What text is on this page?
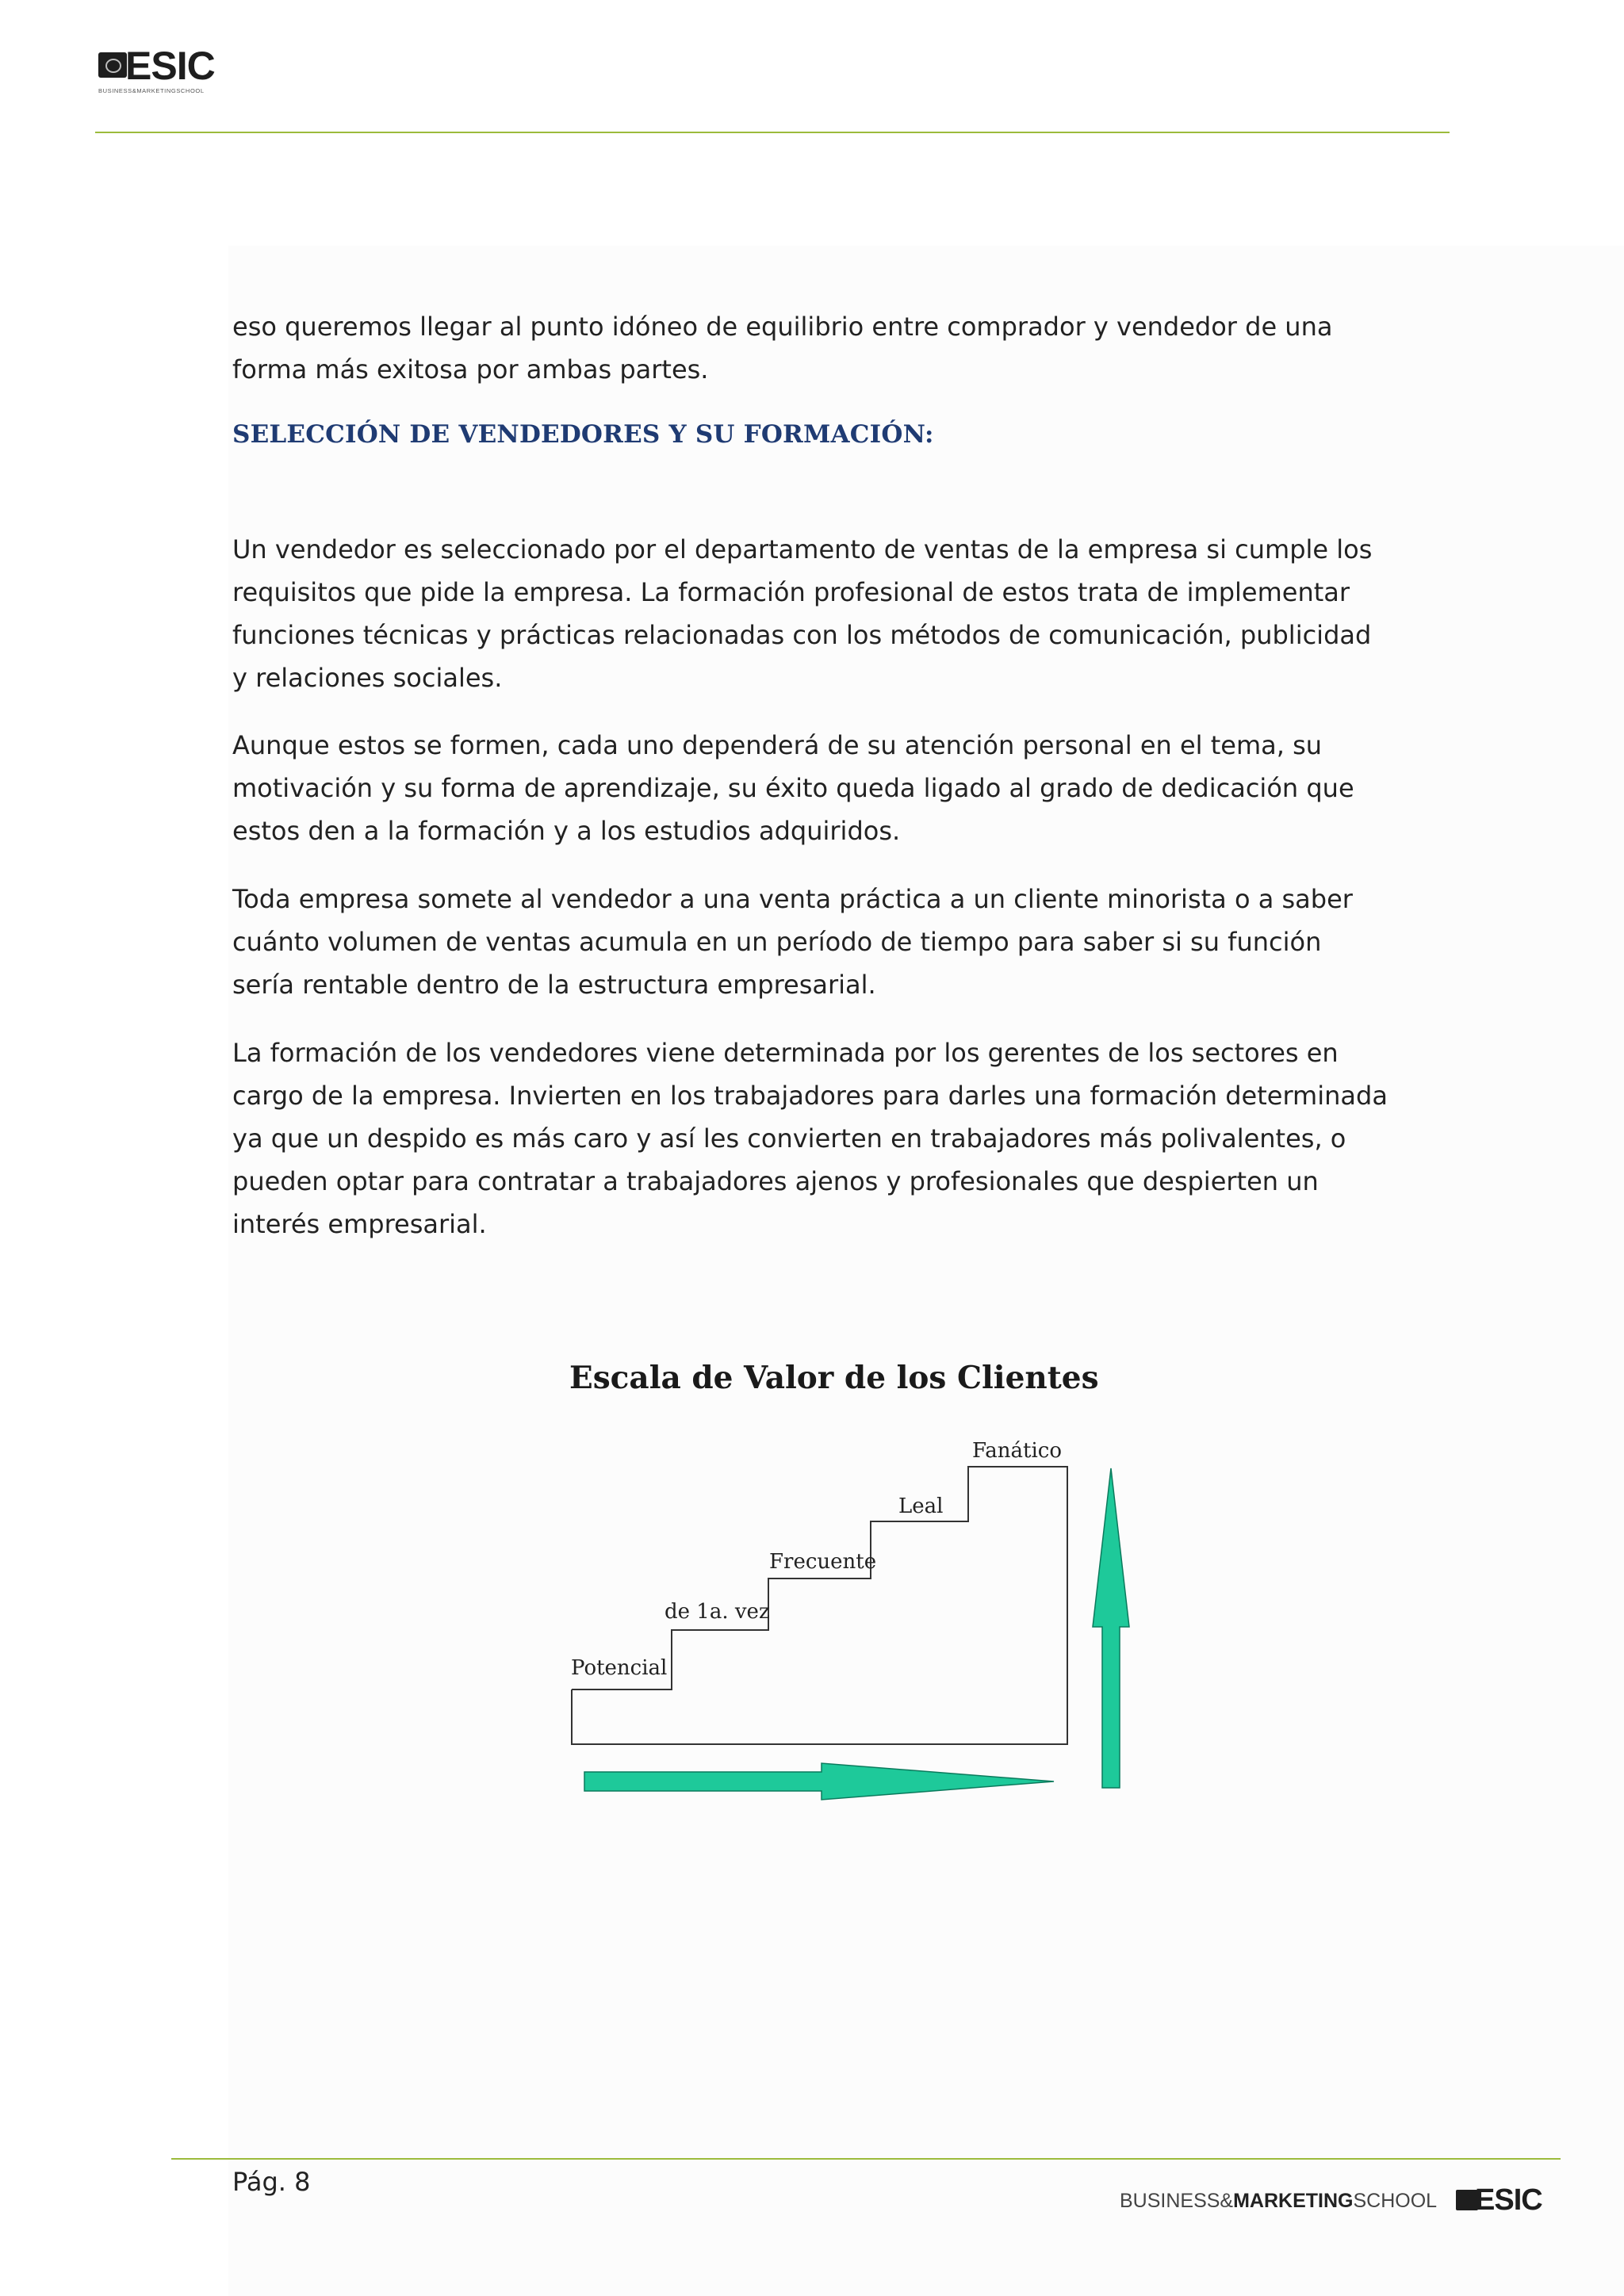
ESIC
BUSINESS&MARKETINGSCHOOL

eso queremos llegar al punto idóneo de equilibrio entre comprador y vendedor de una forma más exitosa por ambas partes.

SELECCIÓN DE VENDEDORES Y SU FORMACIÓN:

Un vendedor es seleccionado por el departamento de ventas de la empresa si cumple los requisitos que pide la empresa. La formación profesional de estos trata de implementar funciones técnicas y prácticas relacionadas con los métodos de comunicación, publicidad y relaciones sociales.

Aunque estos se formen, cada uno dependerá de su atención personal en el tema, su motivación y su forma de aprendizaje, su éxito queda ligado al grado de dedicación que estos den a la formación y a los estudios adquiridos.

Toda empresa somete al vendedor a una venta práctica a un cliente minorista o a saber cuánto volumen de ventas acumula en un período de tiempo para saber si su función sería rentable dentro de la estructura empresarial.

La formación de los vendedores viene determinada por los gerentes de los sectores en cargo de la empresa. Invierten en los trabajadores para darles una formación determinada ya que un despido es más caro y así les convierten en trabajadores más polivalentes, o pueden optar para contratar a trabajadores ajenos y profesionales que despierten un interés empresarial.

Escala de Valor de los Clientes
Potencial
de 1a. vez
Frecuente
Leal
Fanático
Pág. 8
BUSINESS&MARKETINGSCHOOL ESIC
